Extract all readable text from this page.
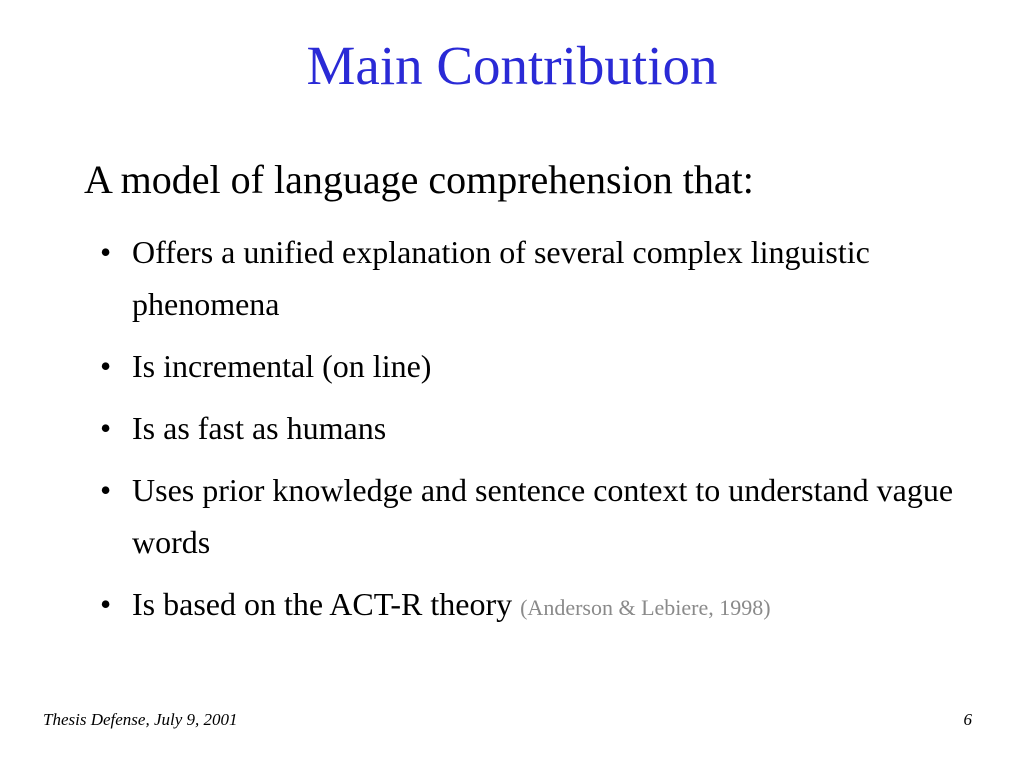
Main Contribution
A model of language comprehension that:
• Offers a unified explanation of several complex linguistic phenomena
• Is incremental (on line)
• Is as fast as humans
• Uses prior knowledge and sentence context to understand vague words
• Is based on the ACT-R theory (Anderson & Lebiere, 1998)
Thesis Defense, July 9, 2001	6
